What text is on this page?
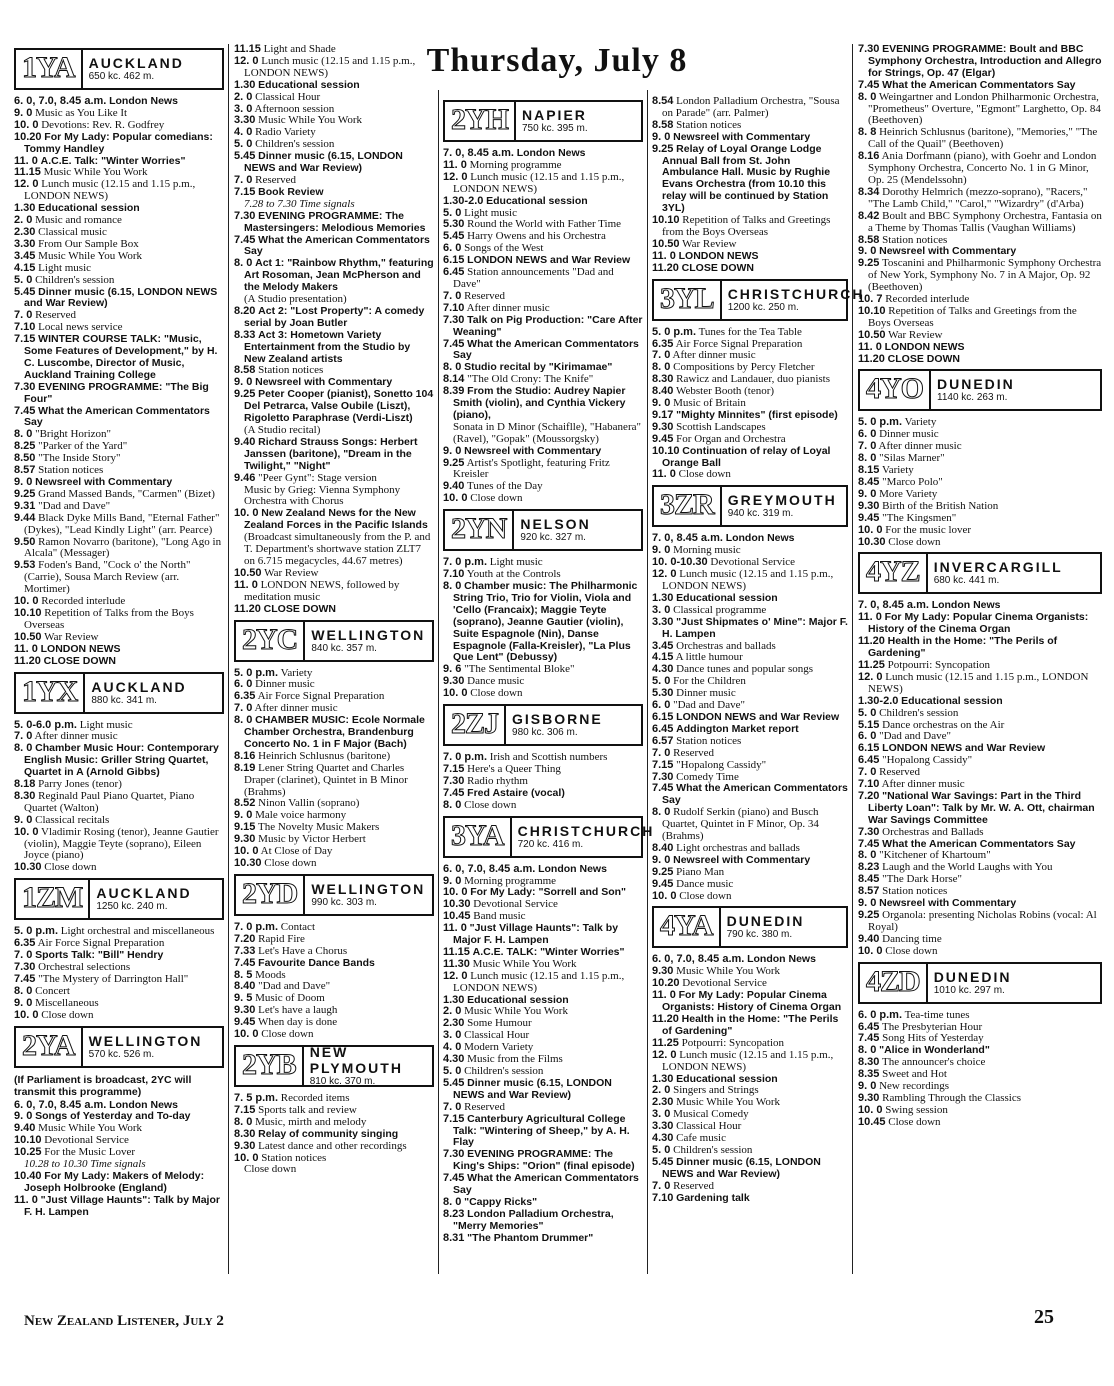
Thursday, July 8
1YA	AUCKLAND
650 kc. 462 m.

6. 0, 7.0, 8.45 a.m. London News

9. 0 Music as You Like It

10. 0 Devotions: Rev. R. Godfrey

10.20 For My Lady: Popular comedians: Tommy Handley

11. 0 A.C.E. Talk: "Winter Worries"

11.15 Music While You Work

12. 0 Lunch music (12.15 and 1.15 p.m., LONDON NEWS)

1.30 Educational session

2. 0 Music and romance

2.30 Classical music

3.30 From Our Sample Box

3.45 Music While You Work

4.15 Light music

5. 0 Children's session

5.45 Dinner music (6.15, LONDON NEWS and War Review)

7. 0 Reserved

7.10 Local news service

7.15 WINTER COURSE TALK: "Music, Some Features of Development," by H. C. Luscombe, Director of Music, Auckland Training College

7.30 EVENING PROGRAMME: "The Big Four"

7.45 What the American Commentators Say

8. 0 "Bright Horizon"

8.25 "Parker of the Yard"

8.50 "The Inside Story"

8.57 Station notices

9. 0 Newsreel with Commentary

9.25 Grand Massed Bands, "Carmen" (Bizet)

9.31 "Dad and Dave"

9.44 Black Dyke Mills Band, "Eternal Father" (Dykes), "Lead Kindly Light" (arr. Pearce)

9.50 Ramon Novarro (baritone), "Long Ago in Alcala" (Messager)

9.53 Foden's Band, "Cock o' the North" (Carrie), Sousa March Review (arr. Mortimer)

10. 0 Recorded interlude

10.10 Repetition of Talks from the Boys Overseas

10.50 War Review

11. 0 LONDON NEWS

11.20 CLOSE DOWN

1YX	AUCKLAND
880 kc. 341 m.

5. 0-6.0 p.m. Light music

7. 0 After dinner music

8. 0 Chamber Music Hour: Contemporary English Music: Griller String Quartet, Quartet in A (Arnold Gibbs)

8.18 Parry Jones (tenor)

8.30 Reginald Paul Piano Quartet, Piano Quartet (Walton)

9. 0 Classical recitals

10. 0 Vladimir Rosing (tenor), Jeanne Gautier (violin), Maggie Teyte (soprano), Eileen Joyce (piano)

10.30 Close down

1ZM	AUCKLAND
1250 kc. 240 m.

5. 0 p.m. Light orchestral and miscellaneous

6.35 Air Force Signal Preparation

7. 0 Sports Talk: "Bill" Hendry

7.30 Orchestral selections

7.45 "The Mystery of Darrington Hall"

8. 0 Concert

9. 0 Miscellaneous

10. 0 Close down

2YA	WELLINGTON
570 kc. 526 m.

(If Parliament is broadcast, 2YC will transmit this programme)

6. 0, 7.0, 8.45 a.m. London News

9. 0 Songs of Yesterday and To-day

9.40 Music While You Work

10.10 Devotional Service

10.25 For the Music Lover

10.28 to 10.30 Time signals

10.40 For My Lady: Makers of Melody: Joseph Holbrooke (England)

11. 0 "Just Village Haunts": Talk by Major F. H. Lampen

11.15 Light and Shade

12. 0 Lunch music (12.15 and 1.15 p.m., LONDON NEWS)

1.30 Educational session

2. 0 Classical Hour

3. 0 Afternoon session

3.30 Music While You Work

4. 0 Radio Variety

5. 0 Children's session

5.45 Dinner music (6.15, LONDON NEWS and War Review)

7. 0 Reserved

7.15 Book Review

7.28 to 7.30 Time signals

7.30 EVENING PROGRAMME: The Mastersingers: Melodious Memories

7.45 What the American Commentators Say

8. 0 Act 1: "Rainbow Rhythm," featuring Art Rosoman, Jean McPherson and the Melody Makers

(A Studio presentation)

8.20 Act 2: "Lost Property": A comedy serial by Joan Butler

8.33 Act 3: Hometown Variety Entertainment from the Studio by New Zealand artists

8.58 Station notices

9. 0 Newsreel with Commentary

9.25 Peter Cooper (pianist), Sonetto 104 Del Petrarca, Valse Oubile (Liszt), Rigoletto Paraphrase (Verdi-Liszt)

(A Studio recital)

9.40 Richard Strauss Songs: Herbert Janssen (baritone), "Dream in the Twilight," "Night"

9.46 "Peer Gynt": Stage version

Music by Grieg: Vienna Symphony Orchestra with Chorus

10. 0 New Zealand News for the New Zealand Forces in the Pacific Islands

(Broadcast simultaneously from the P. and T. Department's shortwave station ZLT7 on 6.715 megacycles, 44.67 metres)

10.50 War Review

11. 0 LONDON NEWS, followed by meditation music

11.20 CLOSE DOWN

2YC	WELLINGTON
840 kc. 357 m.

5. 0 p.m. Variety

6. 0 Dinner music

6.35 Air Force Signal Preparation

7. 0 After dinner music

8. 0 CHAMBER MUSIC: Ecole Normale Chamber Orchestra, Brandenburg Concerto No. 1 in F Major (Bach)

8.16 Heinrich Schlusnus (baritone)

8.19 Lener String Quartet and Charles Draper (clarinet), Quintet in B Minor (Brahms)

8.52 Ninon Vallin (soprano)

9. 0 Male voice harmony

9.15 The Novelty Music Makers

9.30 Music by Victor Herbert

10. 0 At Close of Day

10.30 Close down

2YD	WELLINGTON
990 kc. 303 m.

7. 0 p.m. Contact

7.20 Rapid Fire

7.33 Let's Have a Chorus

7.45 Favourite Dance Bands

8. 5 Moods

8.40 "Dad and Dave"

9. 5 Music of Doom

9.30 Let's have a laugh

9.45 When day is done

10. 0 Close down

2YB	NEW PLYMOUTH
810 kc. 370 m.

7. 5 p.m. Recorded items

7.15 Sports talk and review

8. 0 Music, mirth and melody

8.30 Relay of community singing

9.30 Latest dance and other recordings

10. 0 Station notices

Close down

2YH	NAPIER
750 kc. 395 m.

7. 0, 8.45 a.m. London News

11. 0 Morning programme

12. 0 Lunch music (12.15 and 1.15 p.m., LONDON NEWS)

1.30-2.0 Educational session

5. 0 Light music

5.30 Round the World with Father Time

5.45 Harry Owens and his Orchestra

6. 0 Songs of the West

6.15 LONDON NEWS and War Review

6.45 Station announcements "Dad and Dave"

7. 0 Reserved

7.10 After dinner music

7.30 Talk on Pig Production: "Care After Weaning"

7.45 What the American Commentators Say

8. 0 Studio recital by "Kirimamae"

8.14 "The Old Crony: The Knife"

8.39 From the Studio: Audrey Napier Smith (violin), and Cynthia Vickery (piano),

Sonata in D Minor (Schaiflle), "Habanera" (Ravel), "Gopak" (Moussorgsky)

9. 0 Newsreel with Commentary

9.25 Artist's Spotlight, featuring Fritz Kreisler

9.40 Tunes of the Day

10. 0 Close down

2YN	NELSON
920 kc. 327 m.

7. 0 p.m. Light music

7.10 Youth at the Controls

8. 0 Chamber music: The Philharmonic String Trio, Trio for Violin, Viola and 'Cello (Francaix); Maggie Teyte (soprano), Jeanne Gautier (violin), Suite Espagnole (Nin), Danse Espagnole (Falla-Kreisler), "La Plus Que Lent" (Debussy)

9. 6 "The Sentimental Bloke"

9.30 Dance music

10. 0 Close down

2ZJ	GISBORNE
980 kc. 306 m.

7. 0 p.m. Irish and Scottish numbers

7.15 Here's a Queer Thing

7.30 Radio rhythm

7.45 Fred Astaire (vocal)

8. 0 Close down

3YA	CHRISTCHURCH
720 kc. 416 m.

6. 0, 7.0, 8.45 a.m. London News

9. 0 Morning programme

10. 0 For My Lady: "Sorrell and Son"

10.30 Devotional Service

10.45 Band music

11. 0 "Just Village Haunts": Talk by Major F. H. Lampen

11.15 A.C.E. TALK: "Winter Worries"

11.30 Music While You Work

12. 0 Lunch music (12.15 and 1.15 p.m., LONDON NEWS)

1.30 Educational session

2. 0 Music While You Work

2.30 Some Humour

3. 0 Classical Hour

4. 0 Modern Variety

4.30 Music from the Films

5. 0 Children's session

5.45 Dinner music (6.15, LONDON NEWS and War Review)

7. 0 Reserved

7.15 Canterbury Agricultural College Talk: "Wintering of Sheep," by A. H. Flay

7.30 EVENING PROGRAMME: The King's Ships: "Orion" (final episode)

7.45 What the American Commentators Say

8. 0 "Cappy Ricks"

8.23 London Palladium Orchestra, "Merry Memories"

8.31 "The Phantom Drummer"

8.54 London Palladium Orchestra, "Sousa on Parade" (arr. Palmer)

8.58 Station notices

9. 0 Newsreel with Commentary

9.25 Relay of Loyal Orange Lodge Annual Ball from St. John Ambulance Hall. Music by Rughie Evans Orchestra (from 10.10 this relay will be continued by Station 3YL)

10.10 Repetition of Talks and Greetings from the Boys Overseas

10.50 War Review

11. 0 LONDON NEWS

11.20 CLOSE DOWN

3YL	CHRISTCHURCH
1200 kc. 250 m.

5. 0 p.m. Tunes for the Tea Table

6.35 Air Force Signal Preparation

7. 0 After dinner music

8. 0 Compositions by Percy Fletcher

8.30 Rawicz and Landauer, duo pianists

8.40 Webster Booth (tenor)

9. 0 Music of Britain

9.17 "Mighty Minnites" (first episode)

9.30 Scottish Landscapes

9.45 For Organ and Orchestra

10.10 Continuation of relay of Loyal Orange Ball

11. 0 Close down

3ZR	GREYMOUTH
940 kc. 319 m.

7. 0, 8.45 a.m. London News

9. 0 Morning music

10. 0-10.30 Devotional Service

12. 0 Lunch music (12.15 and 1.15 p.m., LONDON NEWS)

1.30 Educational session

3. 0 Classical programme

3.30 "Just Shipmates o' Mine": Major F. H. Lampen

3.45 Orchestras and ballads

4.15 A little humour

4.30 Dance tunes and popular songs

5. 0 For the Children

5.30 Dinner music

6. 0 "Dad and Dave"

6.15 LONDON NEWS and War Review

6.45 Addington Market report

6.57 Station notices

7. 0 Reserved

7.15 "Hopalong Cassidy"

7.30 Comedy Time

7.45 What the American Commentators Say

8. 0 Rudolf Serkin (piano) and Busch Quartet, Quintet in F Minor, Op. 34 (Brahms)

8.40 Light orchestras and ballads

9. 0 Newsreel with Commentary

9.25 Piano Man

9.45 Dance music

10. 0 Close down

4YA	DUNEDIN
790 kc. 380 m.

6. 0, 7.0, 8.45 a.m. London News

9.30 Music While You Work

10.20 Devotional Service

11. 0 For My Lady: Popular Cinema Organists: History of Cinema Organ

11.20 Health in the Home: "The Perils of Gardening"

11.25 Potpourri: Syncopation

12. 0 Lunch music (12.15 and 1.15 p.m., LONDON NEWS)

1.30 Educational session

2. 0 Singers and Strings

2.30 Music While You Work

3. 0 Musical Comedy

3.30 Classical Hour

4.30 Cafe music

5. 0 Children's session

5.45 Dinner music (6.15, LONDON NEWS and War Review)

7. 0 Reserved

7.10 Gardening talk

7.30 EVENING PROGRAMME: Boult and BBC Symphony Orchestra, Introduction and Allegro for Strings, Op. 47 (Elgar)

7.45 What the American Commentators Say

8. 0 Weingartner and London Philharmonic Orchestra, "Prometheus" Overture, "Egmont" Larghetto, Op. 84 (Beethoven)

8. 8 Heinrich Schlusnus (baritone), "Memories," "The Call of the Quail" (Beethoven)

8.16 Ania Dorfmann (piano), with Goehr and London Symphony Orchestra, Concerto No. 1 in G Minor, Op. 25 (Mendelssohn)

8.34 Dorothy Helmrich (mezzo-soprano), "Racers," "The Lamb Child," "Carol," "Wizardry" (d'Arba)

8.42 Boult and BBC Symphony Orchestra, Fantasia on a Theme by Thomas Tallis (Vaughan Williams)

8.58 Station notices

9. 0 Newsreel with Commentary

9.25 Toscanini and Philharmonic Symphony Orchestra of New York, Symphony No. 7 in A Major, Op. 92 (Beethoven)

10. 7 Recorded interlude

10.10 Repetition of Talks and Greetings from the Boys Overseas

10.50 War Review

11. 0 LONDON NEWS

11.20 CLOSE DOWN

4YO	DUNEDIN
1140 kc. 263 m.

5. 0 p.m. Variety

6. 0 Dinner music

7. 0 After dinner music

8. 0 "Silas Marner"

8.15 Variety

8.45 "Marco Polo"

9. 0 More Variety

9.30 Birth of the British Nation

9.45 "The Kingsmen"

10. 0 For the music lover

10.30 Close down

4YZ	INVERCARGILL
680 kc. 441 m.

7. 0, 8.45 a.m. London News

11. 0 For My Lady: Popular Cinema Organists: History of the Cinema Organ

11.20 Health in the Home: "The Perils of Gardening"

11.25 Potpourri: Syncopation

12. 0 Lunch music (12.15 and 1.15 p.m., LONDON NEWS)

1.30-2.0 Educational session

5. 0 Children's session

5.15 Dance orchestras on the Air

6. 0 "Dad and Dave"

6.15 LONDON NEWS and War Review

6.45 "Hopalong Cassidy"

7. 0 Reserved

7.10 After dinner music

7.20 "National War Savings: Part in the Third Liberty Loan": Talk by Mr. W. A. Ott, chairman War Savings Committee

7.30 Orchestras and Ballads

7.45 What the American Commentators Say

8. 0 "Kitchener of Khartoum"

8.23 Laugh and the World Laughs with You

8.45 "The Dark Horse"

8.57 Station notices

9. 0 Newsreel with Commentary

9.25 Organola: presenting Nicholas Robins (vocal: Al Royal)

9.40 Dancing time

10. 0 Close down

4ZD	DUNEDIN
1010 kc. 297 m.

6. 0 p.m. Tea-time tunes

6.45 The Presbyterian Hour

7.45 Song Hits of Yesterday

8. 0 "Alice in Wonderland"

8.30 The announcer's choice

8.35 Sweet and Hot

9. 0 New recordings

9.30 Rambling Through the Classics

10. 0 Swing session

10.45 Close down

New Zealand Listener, July 2	25
